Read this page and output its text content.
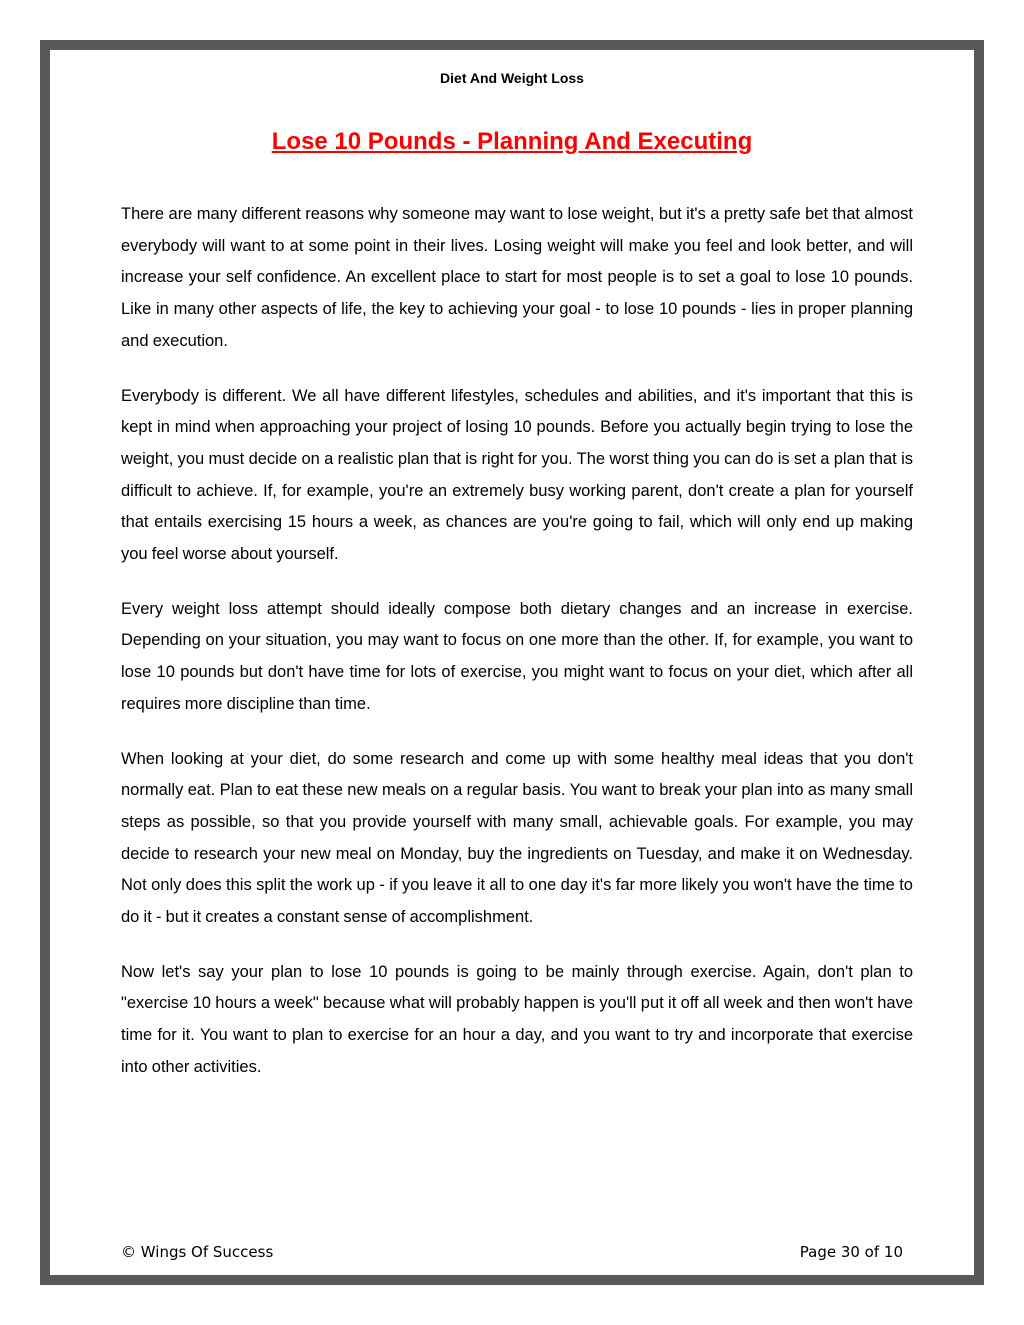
Diet And Weight Loss
Lose 10 Pounds - Planning And Executing

There are many different reasons why someone may want to lose weight, but it's a pretty safe bet that almost everybody will want to at some point in their lives. Losing weight will make you feel and look better, and will increase your self confidence. An excellent place to start for most people is to set a goal to lose 10 pounds. Like in many other aspects of life, the key to achieving your goal - to lose 10 pounds - lies in proper planning and execution.

Everybody is different. We all have different lifestyles, schedules and abilities, and it's important that this is kept in mind when approaching your project of losing 10 pounds. Before you actually begin trying to lose the weight, you must decide on a realistic plan that is right for you. The worst thing you can do is set a plan that is difficult to achieve. If, for example, you're an extremely busy working parent, don't create a plan for yourself that entails exercising 15 hours a week, as chances are you're going to fail, which will only end up making you feel worse about yourself.

Every weight loss attempt should ideally compose both dietary changes and an increase in exercise. Depending on your situation, you may want to focus on one more than the other. If, for example, you want to lose 10 pounds but don't have time for lots of exercise, you might want to focus on your diet, which after all requires more discipline than time.

When looking at your diet, do some research and come up with some healthy meal ideas that you don't normally eat. Plan to eat these new meals on a regular basis. You want to break your plan into as many small steps as possible, so that you provide yourself with many small, achievable goals. For example, you may decide to research your new meal on Monday, buy the ingredients on Tuesday, and make it on Wednesday. Not only does this split the work up - if you leave it all to one day it's far more likely you won't have the time to do it - but it creates a constant sense of accomplishment.

Now let's say your plan to lose 10 pounds is going to be mainly through exercise. Again, don't plan to "exercise 10 hours a week" because what will probably happen is you'll put it off all week and then won't have time for it. You want to plan to exercise for an hour a day, and you want to try and incorporate that exercise into other activities.

© Wings Of Success	Page 30 of 10
